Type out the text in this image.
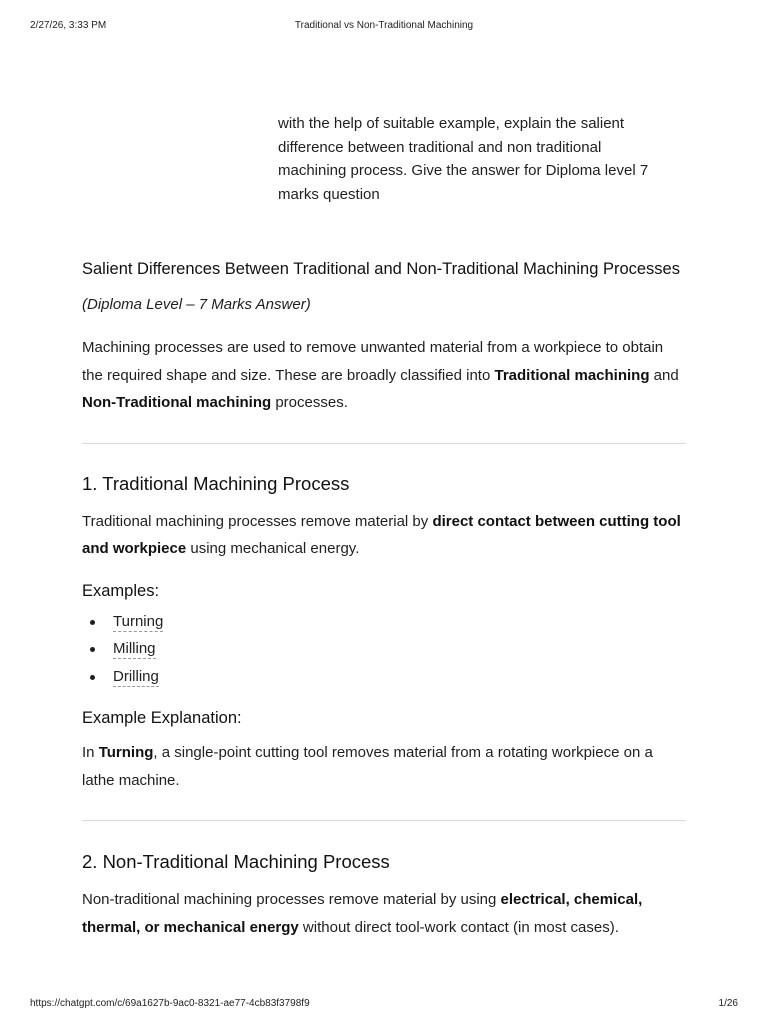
2/27/26, 3:33 PM	Traditional vs Non-Traditional Machining
with the help of suitable example, explain the salient difference between traditional and non traditional machining process. Give the answer for Diploma level 7 marks question
Salient Differences Between Traditional and Non-Traditional Machining Processes
(Diploma Level – 7 Marks Answer)

Machining processes are used to remove unwanted material from a workpiece to obtain the required shape and size. These are broadly classified into Traditional machining and
Non-Traditional machining processes.

1. Traditional Machining Process

Traditional machining processes remove material by direct contact between cutting tool and workpiece using mechanical energy.

Examples:
Turning
Milling
Drilling
Example Explanation:

In Turning, a single-point cutting tool removes material from a rotating workpiece on a lathe machine.

2. Non-Traditional Machining Process

Non-traditional machining processes remove material by using electrical, chemical, thermal, or mechanical energy without direct tool-work contact (in most cases).

https://chatgpt.com/c/69a1627b-9ac0-8321-ae77-4cb83f3798f9	1/26
